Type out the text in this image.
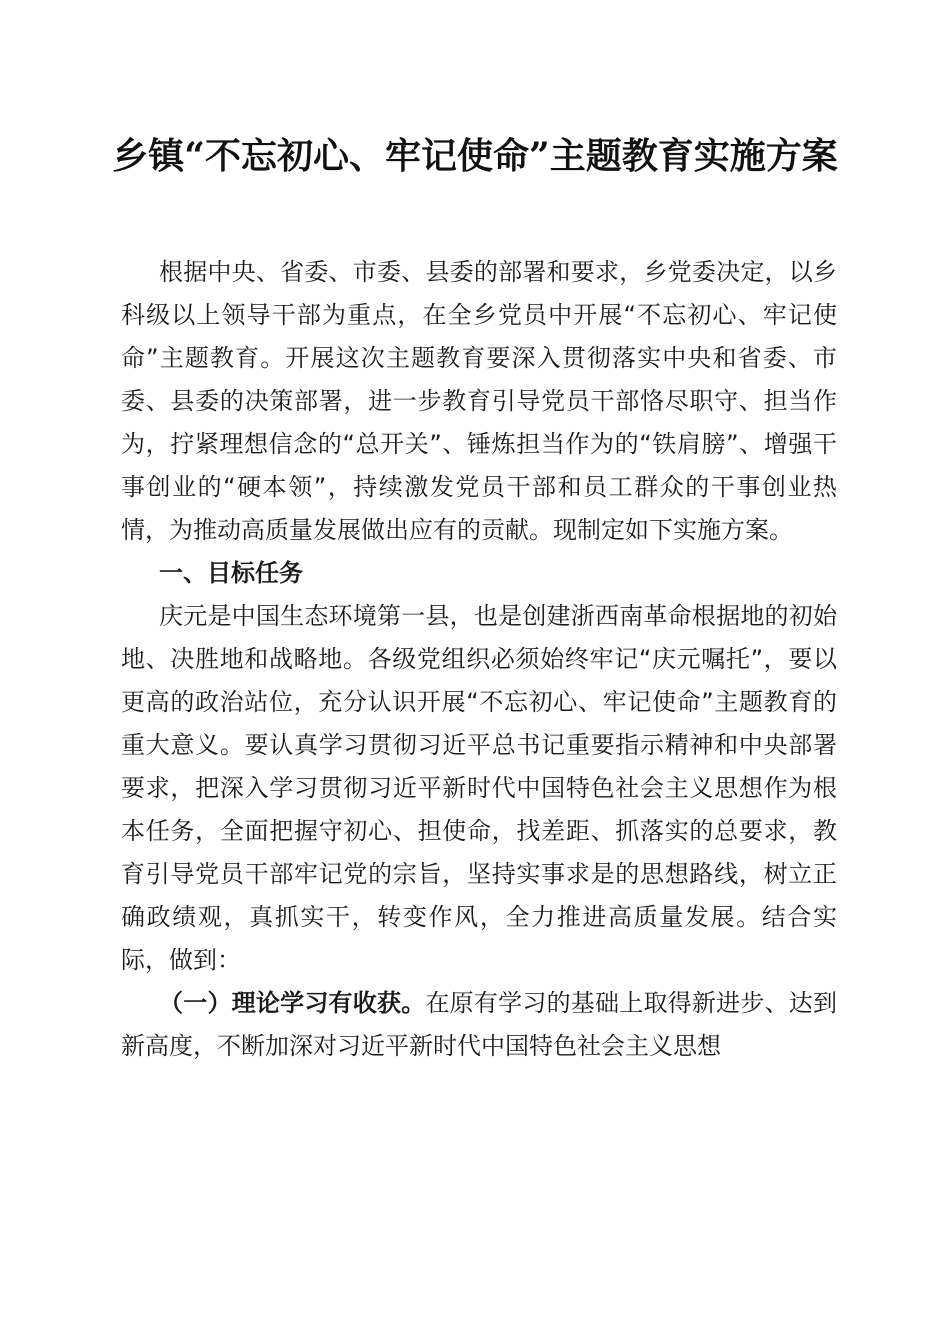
乡镇“不忘初心、牢记使命”主题教育实施方案

根据中央、省委、市委、县委的部署和要求，乡党委决定，以乡科级以上领导干部为重点，在全乡党员中开展“不忘初心、牢记使命”主题教育。开展这次主题教育要深入贯彻落实中央和省委、市委、县委的决策部署，进一步教育引导党员干部恪尽职守、担当作为，拧紧理想信念的“总开关”、锤炼担当作为的“铁肩膀”、增强干事创业的“硬本领”，持续激发党员干部和员工群众的干事创业热情，为推动高质量发展做出应有的贡献。现制定如下实施方案。

一、目标任务

庆元是中国生态环境第一县，也是创建浙西南革命根据地的初始地、决胜地和战略地。各级党组织必须始终牢记“庆元嘱托”，要以更高的政治站位，充分认识开展“不忘初心、牢记使命”主题教育的重大意义。要认真学习贯彻习近平总书记重要指示精神和中央部署要求，把深入学习贯彻习近平新时代中国特色社会主义思想作为根本任务，全面把握守初心、担使命，找差距、抓落实的总要求，教育引导党员干部牢记党的宗旨，坚持实事求是的思想路线，树立正确政绩观，真抓实干，转变作风，全力推进高质量发展。结合实际，做到：

（一）理论学习有收获。在原有学习的基础上取得新进步、达到新高度，不断加深对习近平新时代中国特色社会主义思想
